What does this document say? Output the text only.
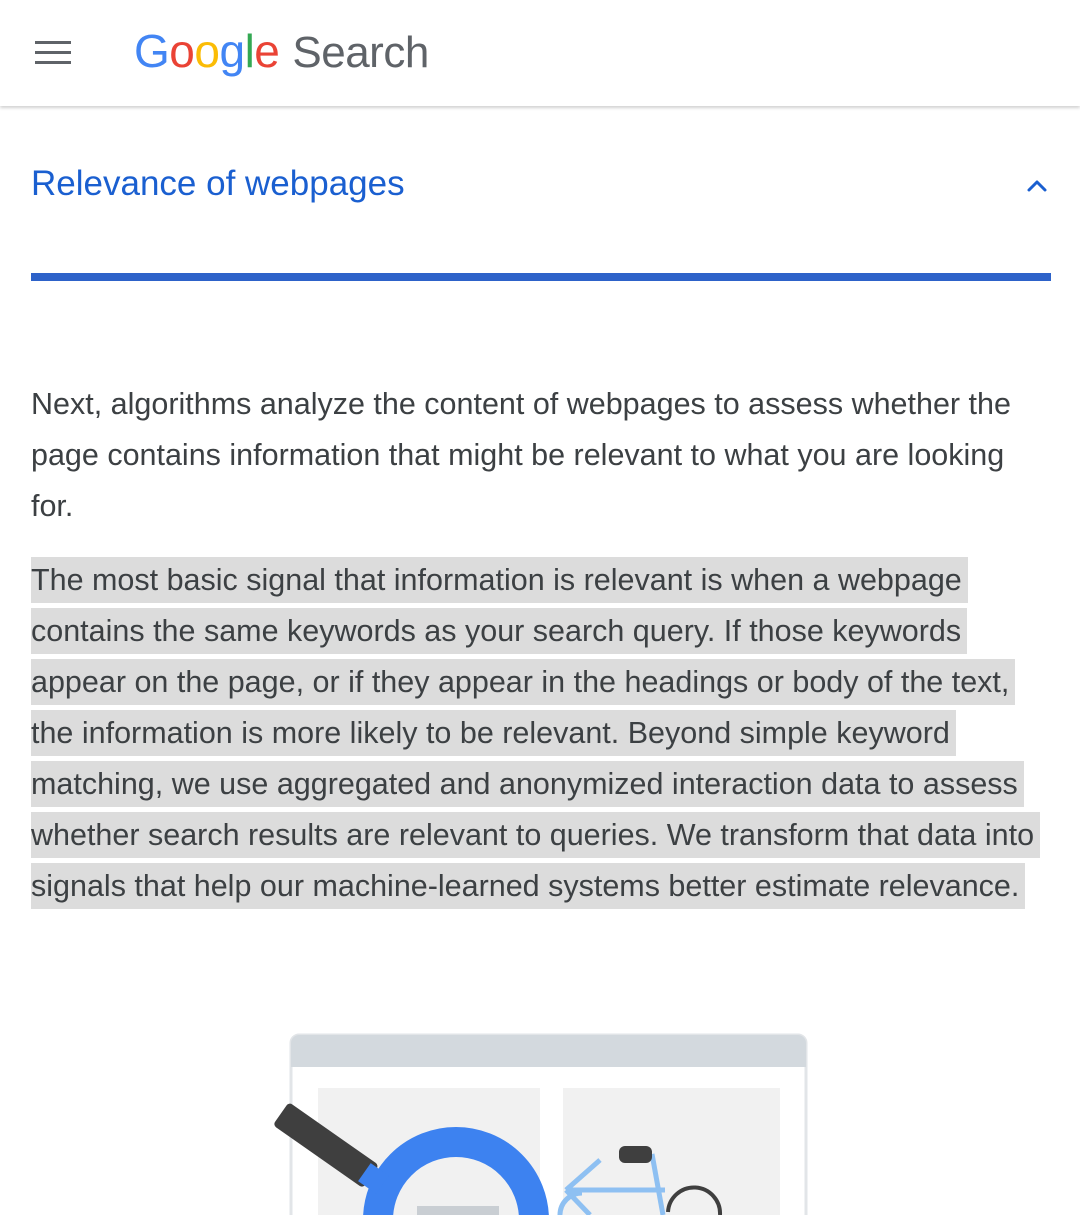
Google Search
Relevance of webpages

Next, algorithms analyze the content of webpages to assess whether the page contains information that might be relevant to what you are looking for.

The most basic signal that information is relevant is when a webpage contains the same keywords as your search query. If those keywords appear on the page, or if they appear in the headings or body of the text, the information is more likely to be relevant. Beyond simple keyword matching, we use aggregated and anonymized interaction data to assess whether search results are relevant to queries. We transform that data into signals that help our machine-learned systems better estimate relevance.
